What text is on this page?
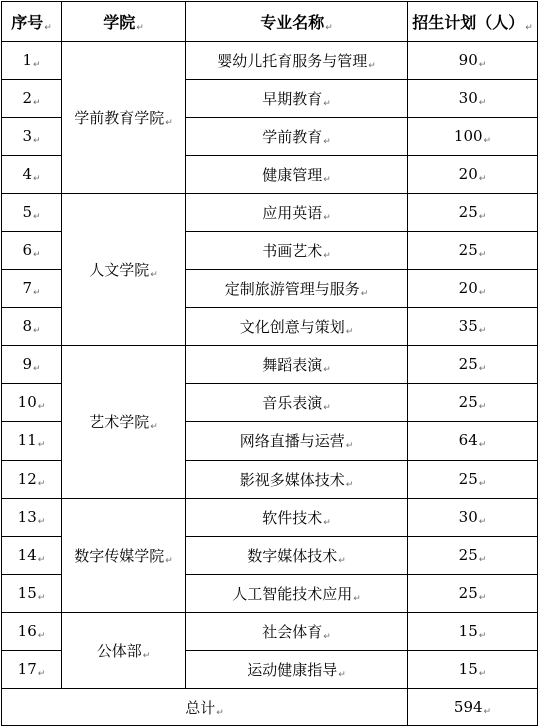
序号↵	学院↵	专业名称↵	招生计划（人）↵
1↵	学前教育学院↵	婴幼儿托育服务与管理↵	90↵
2↵		早期教育↵	30↵
3↵		学前教育↵	100↵
4↵		健康管理↵	20↵
5↵	人文学院↵	应用英语↵	25↵
6↵		书画艺术↵	25↵
7↵		定制旅游管理与服务↵	20↵
8↵		文化创意与策划↵	35↵
9↵	艺术学院↵	舞蹈表演↵	25↵
10↵		音乐表演↵	25↵
11↵		网络直播与运营↵	64↵
12↵		影视多媒体技术↵	25↵
13↵	数字传媒学院↵	软件技术↵	30↵
14↵		数字媒体技术↵	25↵
15↵		人工智能技术应用↵	25↵
16↵	公体部↵	社会体育↵	15↵
17↵		运动健康指导↵	15↵
总计↵			594↵
